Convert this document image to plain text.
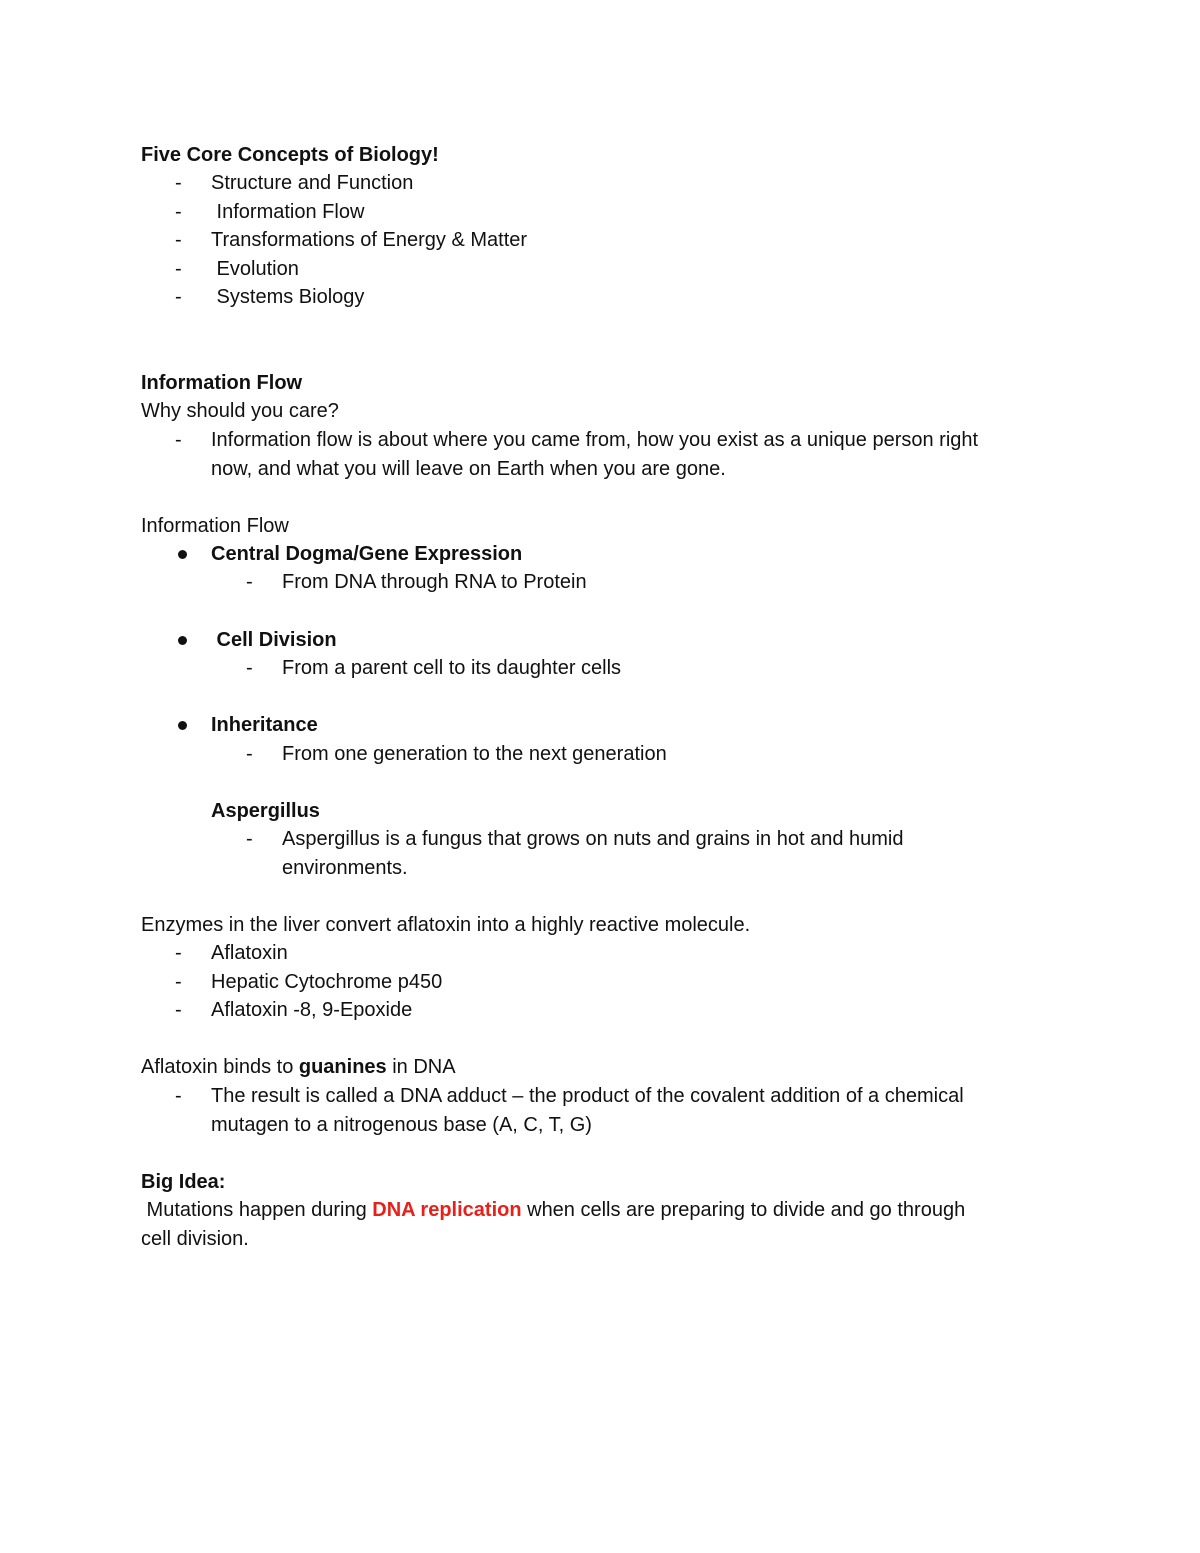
Five Core Concepts of Biology!
- Structure and Function
- Information Flow
- Transformations of Energy & Matter
- Evolution
- Systems Biology
Information Flow
Why should you care?
- Information flow is about where you came from, how you exist as a unique person right
now, and what you will leave on Earth when you are gone.
Information Flow
Central Dogma/Gene Expression
- From DNA through RNA to Protein
Cell Division
- From a parent cell to its daughter cells
Inheritance
- From one generation to the next generation
Aspergillus
- Aspergillus is a fungus that grows on nuts and grains in hot and humid
environments.
Enzymes in the liver convert aflatoxin into a highly reactive molecule.
- Aflatoxin
- Hepatic Cytochrome p450
- Aflatoxin -8, 9-Epoxide
Aflatoxin binds to guanines in DNA
- The result is called a DNA adduct – the product of the covalent addition of a chemical
mutagen to a nitrogenous base (A, C, T, G)
Big Idea:
Mutations happen during DNA replication when cells are preparing to divide and go through
cell division.
